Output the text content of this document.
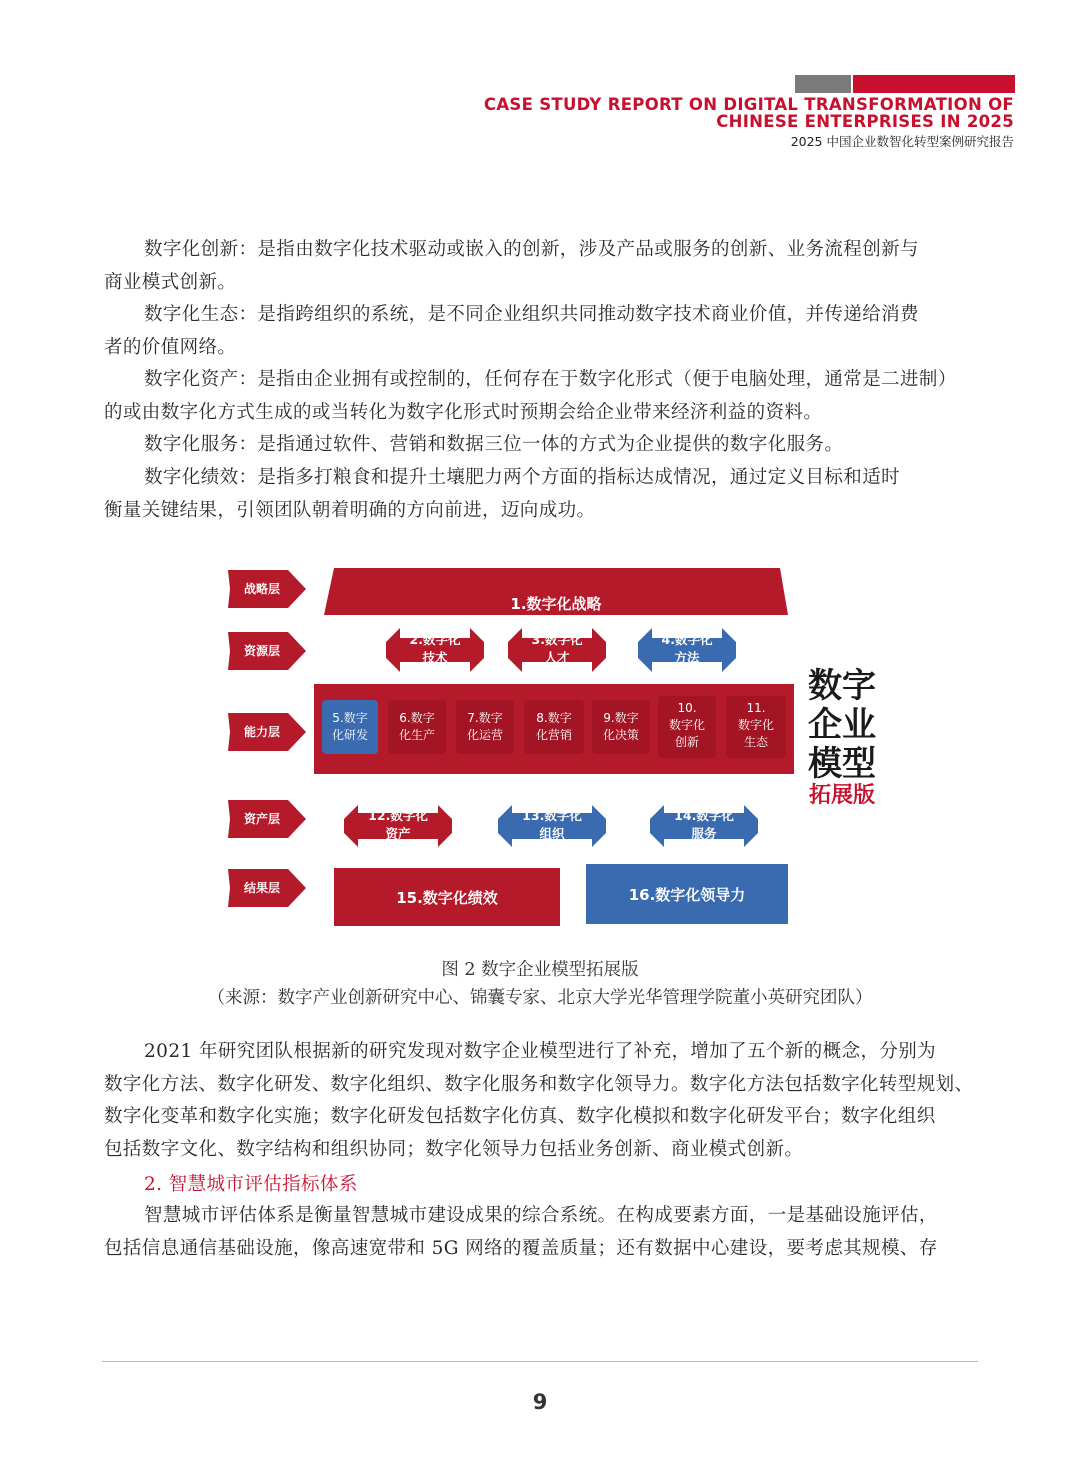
CASE STUDY REPORT ON DIGITAL TRANSFORMATION OF
CHINESE ENTERPRISES IN 2025
2025 中国企业数智化转型案例研究报告

数字化创新：是指由数字化技术驱动或嵌入的创新，涉及产品或服务的创新、业务流程创新与
商业模式创新。

数字化生态：是指跨组织的系统，是不同企业组织共同推动数字技术商业价值，并传递给消费
者的价值网络。

数字化资产：是指由企业拥有或控制的，任何存在于数字化形式（便于电脑处理，通常是二进制）
的或由数字化方式生成的或当转化为数字化形式时预期会给企业带来经济利益的资料。

数字化服务：是指通过软件、营销和数据三位一体的方式为企业提供的数字化服务。

数字化绩效：是指多打粮食和提升土壤肥力两个方面的指标达成情况，通过定义目标和适时
衡量关键结果，引领团队朝着明确的方向前进，迈向成功。

战略层
资源层
能力层
资产层
结果层
1.数字化战略
2.数字化
技术
3.数字化
人才
4.数字化
方法
5.数字
化研发
6.数字
化生产
7.数字
化运营
8.数字
化营销
9.数字
化决策
10.
数字化
创新
11.
数字化
生态
数字
企业
模型
拓展版
12.数字化
资产
13.数字化
组织
14.数字化
服务
15.数字化绩效	16.数字化领导力
图 2 数字企业模型拓展版
（来源：数字产业创新研究中心、锦囊专家、北京大学光华管理学院董小英研究团队）

2021 年研究团队根据新的研究发现对数字企业模型进行了补充，增加了五个新的概念，分别为
数字化方法、数字化研发、数字化组织、数字化服务和数字化领导力。数字化方法包括数字化转型规划、
数字化变革和数字化实施；数字化研发包括数字化仿真、数字化模拟和数字化研发平台；数字化组织
包括数字文化、数字结构和组织协同；数字化领导力包括业务创新、商业模式创新。

2. 智慧城市评估指标体系

智慧城市评估体系是衡量智慧城市建设成果的综合系统。在构成要素方面，一是基础设施评估，
包括信息通信基础设施，像高速宽带和 5G 网络的覆盖质量；还有数据中心建设，要考虑其规模、存

9
